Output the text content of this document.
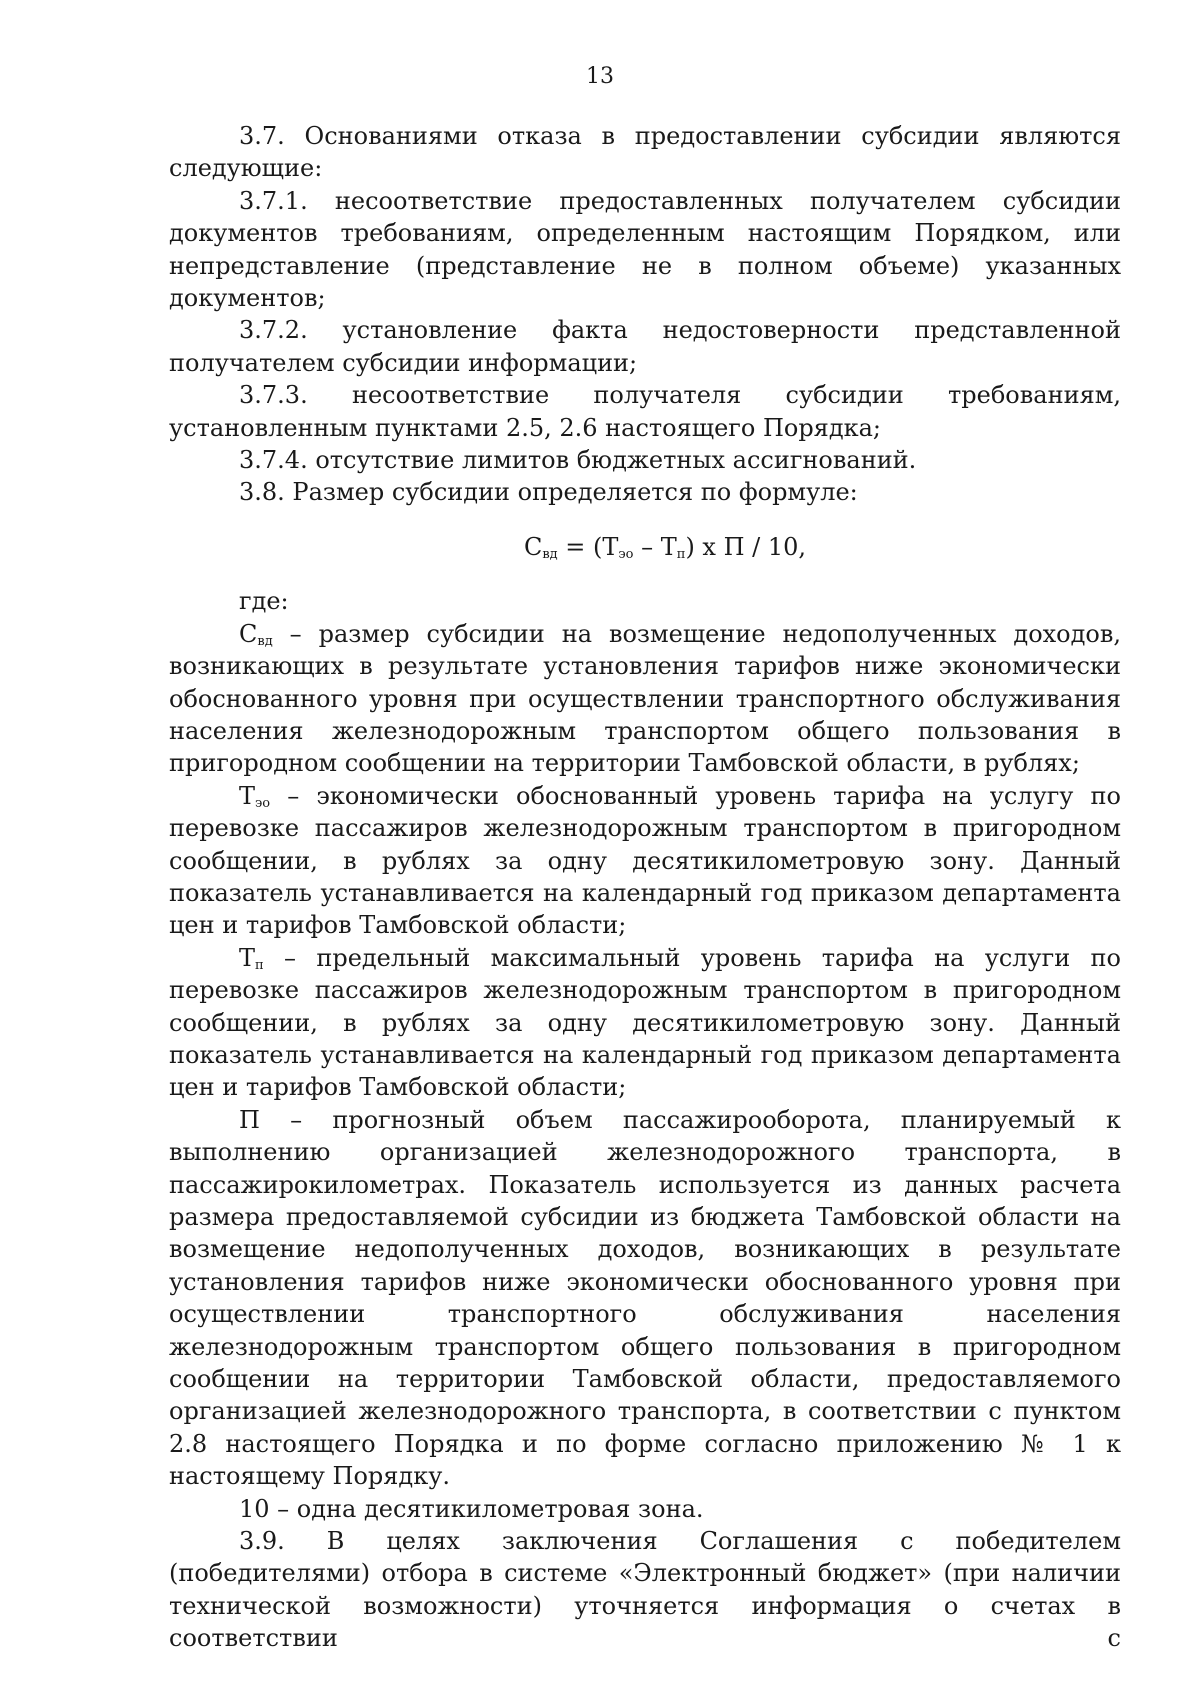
13

3.7. Основаниями отказа в предоставлении субсидии являются следующие:

3.7.1. несоответствие предоставленных получателем субсидии документов требованиям, определенным настоящим Порядком, или непредставление (представление не в полном объеме) указанных документов;

3.7.2. установление факта недостоверности представленной получателем субсидии информации;

3.7.3. несоответствие получателя субсидии требованиям, установленным пунктами 2.5, 2.6 настоящего Порядка;

3.7.4. отсутствие лимитов бюджетных ассигнований.

3.8. Размер субсидии определяется по формуле:

$С_{вд} = (Т_{эо} - Т_п)$ х П / 10,

где:

$С_{вд}$ – размер субсидии на возмещение недополученных доходов, возникающих в результате установления тарифов ниже экономически обоснованного уровня при осуществлении транспортного обслуживания населения железнодорожным транспортом общего пользования в пригородном сообщении на территории Тамбовской области, в рублях;

$Т_{эо}$ – экономически обоснованный уровень тарифа на услугу по перевозке пассажиров железнодорожным транспортом в пригородном сообщении, в рублях за одну десятикилометровую зону. Данный показатель устанавливается на календарный год приказом департамента цен и тарифов Тамбовской области;

$Т_п$ – предельный максимальный уровень тарифа на услуги по перевозке пассажиров железнодорожным транспортом в пригородном сообщении, в рублях за одну десятикилометровую зону. Данный показатель устанавливается на календарный год приказом департамента цен и тарифов Тамбовской области;

П – прогнозный объем пассажирооборота, планируемый к выполнению организацией железнодорожного транспорта, в пассажирокилометрах. Показатель используется из данных расчета размера предоставляемой субсидии из бюджета Тамбовской области на возмещение недополученных доходов, возникающих в результате установления тарифов ниже экономически обоснованного уровня при осуществлении транспортного обслуживания населения железнодорожным транспортом общего пользования в пригородном сообщении на территории Тамбовской области, предоставляемого организацией железнодорожного транспорта, в соответствии с пунктом 2.8 настоящего Порядка и по форме согласно приложению № 1 к настоящему Порядку.

10 – одна десятикилометровая зона.

3.9. В целях заключения Соглашения с победителем (победителями) отбора в системе «Электронный бюджет» (при наличии технической возможности) уточняется информация о счетах в соответствии с
